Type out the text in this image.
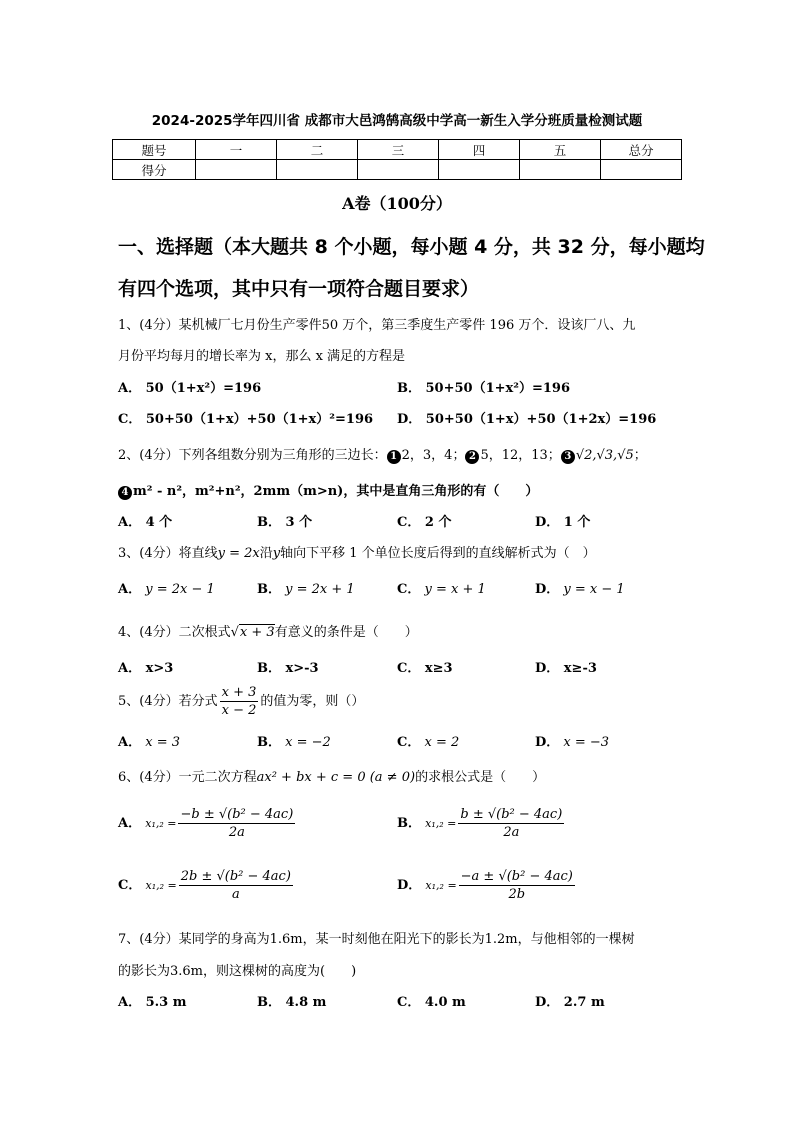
2024-2025学年四川省 成都市大邑鸿鹄高级中学高一新生入学分班质量检测试题
题号	一	二	三	四	五	总分
得分						
A卷（100分）
一、选择题（本大题共 8 个小题，每小题 4 分，共 32 分，每小题均
有四个选项，其中只有一项符合题目要求）
1、(4分）某机械厂七月份生产零件50 万个，第三季度生产零件 196 万个．设该厂八、九
月份平均每月的增长率为 x，那么 x 满足的方程是
A． 50（1+x²）=196	B． 50+50（1+x²）=196
C． 50+50（1+x）+50（1+x）²=196 D． 50+50（1+x）+50（1+2x）=196
2、(4分）下列各组数分别为三角形的三边长： 1 2，3，4； 2 5，12，13； 3 √2,√3,√5；
4 m² - n²，m²+n²，2mm（m>n)，其中是直角三角形的有（　　）
A． 4 个	B． 3 个	C． 2 个	D． 1 个
3、(4分）将直线y = 2x沿y轴向下平移 1 个单位长度后得到的直线解析式为（　）
A． y = 2x − 1	B． y = 2x + 1	C． y = x + 1	D． y = x − 1
4、(4分）二次根式√x + 3有意义的条件是（　　）
A． x>3	B． x>-3	C． x≥3	D． x≥-3
5、(4分）若分式 $\frac{x + 3}{x - 2}$ 的值为零，则（）
A． x = 3	B． x = −2	C． x = 2	D． x = −3
6、(4分）一元二次方程ax² + bx + c = 0 (a ≠ 0)的求根公式是（　　）
A． $x_1,_2 = \frac{\text{−b ± √(b² − 4ac)}}{2a}$	B． $x_1,_2 = \frac{\text{b ± √(b² − 4ac)}}{2a}$
C． $x_1,_2 = \frac{\text{2b ± √(b² − 4ac)}}{a}$	D． $x_1,_2 = \frac{\text{−a ± √(b² − 4ac)}}{2b}$
7、(4分）某同学的身高为1.6m，某一时刻他在阳光下的影长为1.2m，与他相邻的一棵树
的影长为3.6m，则这棵树的高度为(　　)
A． 5.3 m	B． 4.8 m	C． 4.0 m	D． 2.7 m
